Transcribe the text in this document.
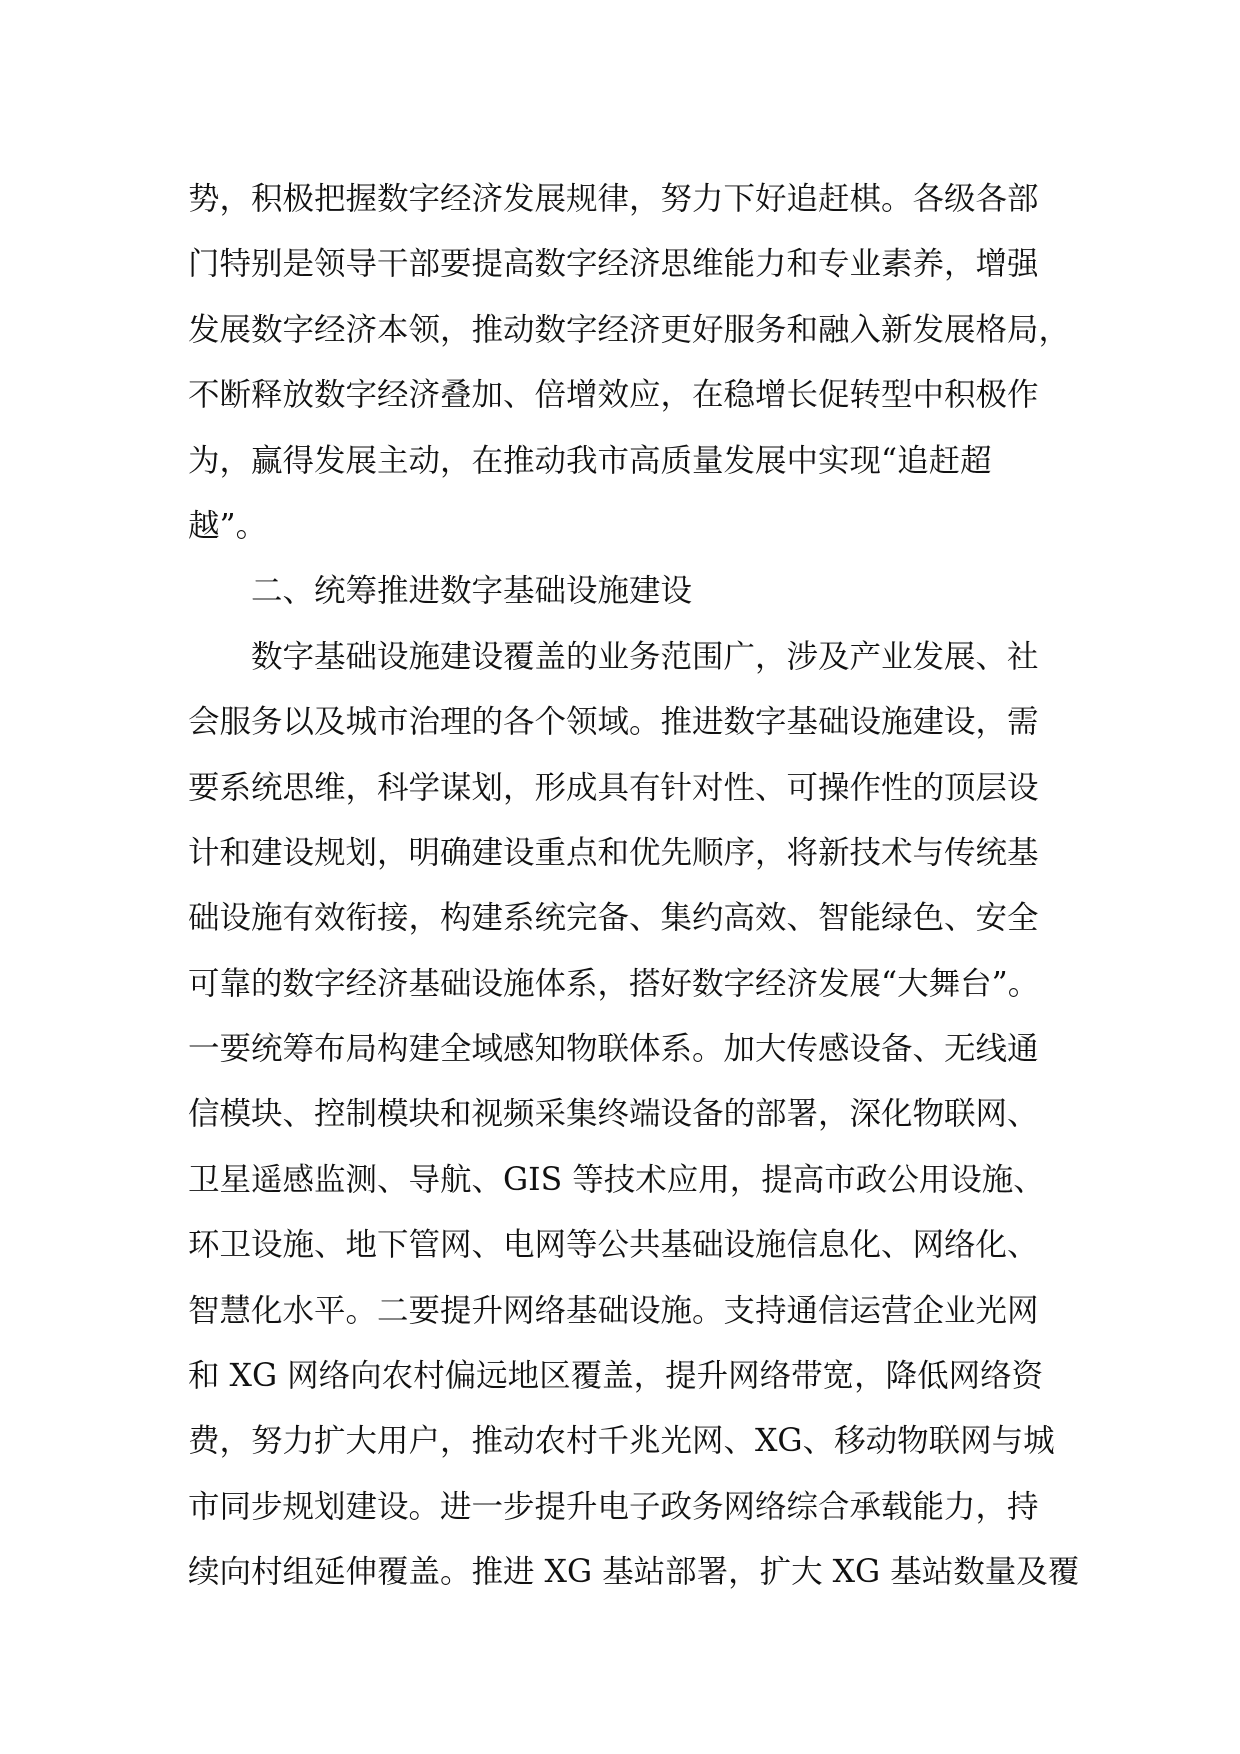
势，积极把握数字经济发展规律，努力下好追赶棋。各级各部
门特别是领导干部要提高数字经济思维能力和专业素养，增强
发展数字经济本领，推动数字经济更好服务和融入新发展格局，
不断释放数字经济叠加、倍增效应，在稳增长促转型中积极作
为，赢得发展主动，在推动我市高质量发展中实现“追赶超
越”。
二、统筹推进数字基础设施建设
数字基础设施建设覆盖的业务范围广，涉及产业发展、社
会服务以及城市治理的各个领域。推进数字基础设施建设，需
要系统思维，科学谋划，形成具有针对性、可操作性的顶层设
计和建设规划，明确建设重点和优先顺序，将新技术与传统基
础设施有效衔接，构建系统完备、集约高效、智能绿色、安全
可靠的数字经济基础设施体系，搭好数字经济发展“大舞台”。
一要统筹布局构建全域感知物联体系。加大传感设备、无线通
信模块、控制模块和视频采集终端设备的部署，深化物联网、
卫星遥感监测、导航、GIS 等技术应用，提高市政公用设施、
环卫设施、地下管网、电网等公共基础设施信息化、网络化、
智慧化水平。二要提升网络基础设施。支持通信运营企业光网
和 XG 网络向农村偏远地区覆盖，提升网络带宽，降低网络资
费，努力扩大用户，推动农村千兆光网、XG、移动物联网与城
市同步规划建设。进一步提升电子政务网络综合承载能力，持
续向村组延伸覆盖。推进 XG 基站部署，扩大 XG 基站数量及覆
